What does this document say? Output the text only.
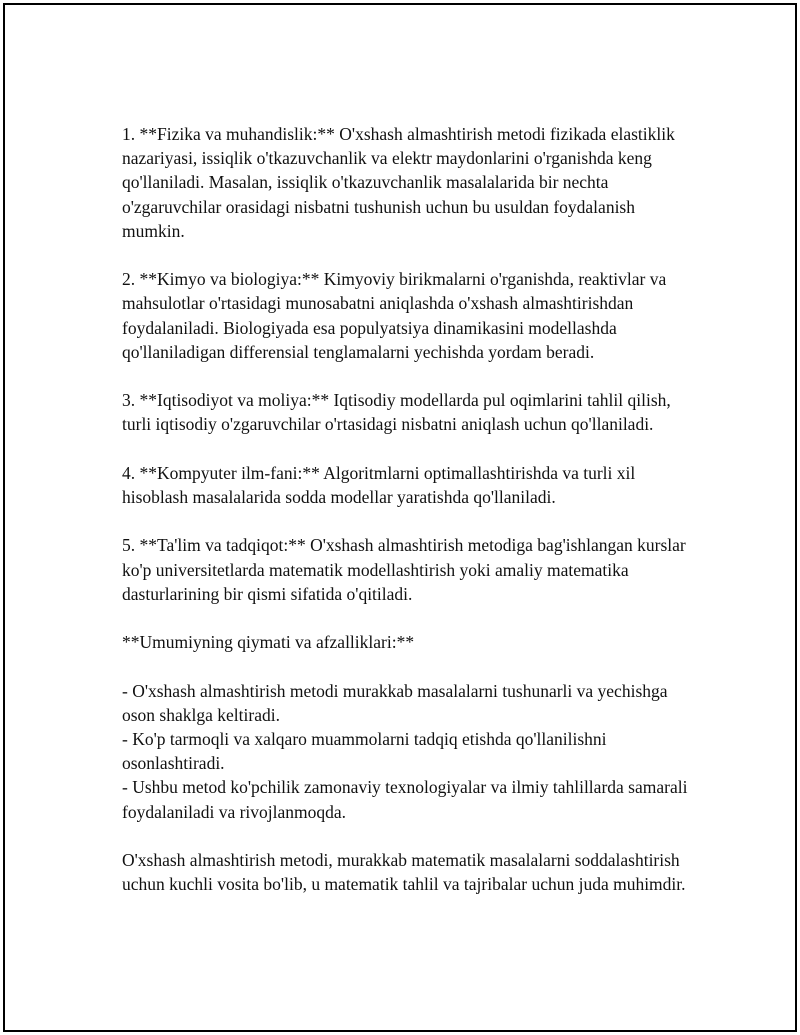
1. **Fizika va muhandislik:** O'xshash almashtirish metodi fizikada elastiklik nazariyasi, issiqlik o'tkazuvchanlik va elektr maydonlarini o'rganishda keng qo'llaniladi. Masalan, issiqlik o'tkazuvchanlik masalalarida bir nechta o'zgaruvchilar orasidagi nisbatni tushunish uchun bu usuldan foydalanish mumkin.

2. **Kimyo va biologiya:** Kimyoviy birikmalarni o'rganishda, reaktivlar va mahsulotlar o'rtasidagi munosabatni aniqlashda o'xshash almashtirishdan foydalaniladi. Biologiyada esa populyatsiya dinamikasini modellashda qo'llaniladigan differensial tenglamalarni yechishda yordam beradi.

3. **Iqtisodiyot va moliya:** Iqtisodiy modellarda pul oqimlarini tahlil qilish, turli iqtisodiy o'zgaruvchilar o'rtasidagi nisbatni aniqlash uchun qo'llaniladi.

4. **Kompyuter ilm-fani:** Algoritmlarni optimallashtirishda va turli xil hisoblash masalalarida sodda modellar yaratishda qo'llaniladi.

5. **Ta'lim va tadqiqot:** O'xshash almashtirish metodiga bag'ishlangan kurslar ko'p universitetlarda matematik modellashtirish yoki amaliy matematika dasturlarining bir qismi sifatida o'qitiladi.

**Umumiyning qiymati va afzalliklari:**

- O'xshash almashtirish metodi murakkab masalalarni tushunarli va yechishga oson shaklga keltiradi.

- Ko'p tarmoqli va xalqaro muammolarni tadqiq etishda qo'llanilishni osonlashtiradi.

- Ushbu metod ko'pchilik zamonaviy texnologiyalar va ilmiy tahlillarda samarali foydalaniladi va rivojlanmoqda.

O'xshash almashtirish metodi, murakkab matematik masalalarni soddalashtirish uchun kuchli vosita bo'lib, u matematik tahlil va tajribalar uchun juda muhimdir.
